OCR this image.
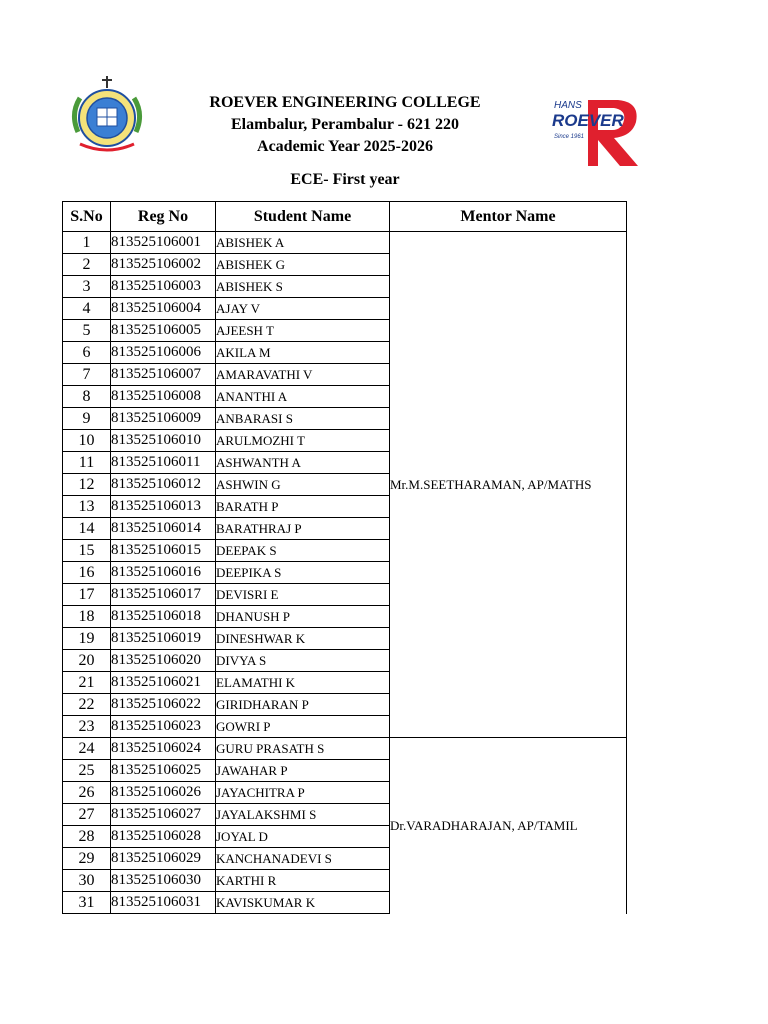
ROEVER ENGINEERING COLLEGE
Elambalur, Perambalur - 621 220
Academic Year 2025-2026
HANS
ROEVER
Since 1961
ECE- First year
S.No	Reg No	Student Name	Mentor Name
1	813525106001	ABISHEK A	Mr.M.SEETHARAMAN, AP/MATHS
2	813525106002	ABISHEK G	
3	813525106003	ABISHEK S	
4	813525106004	AJAY V	
5	813525106005	AJEESH T	
6	813525106006	AKILA M	
7	813525106007	AMARAVATHI V	
8	813525106008	ANANTHI A	
9	813525106009	ANBARASI S	
10	813525106010	ARULMOZHI T	
11	813525106011	ASHWANTH A	
12	813525106012	ASHWIN G	
13	813525106013	BARATH P	
14	813525106014	BARATHRAJ P	
15	813525106015	DEEPAK S	
16	813525106016	DEEPIKA S	
17	813525106017	DEVISRI E	
18	813525106018	DHANUSH P	
19	813525106019	DINESHWAR K	
20	813525106020	DIVYA S	
21	813525106021	ELAMATHI K	
22	813525106022	GIRIDHARAN P	
23	813525106023	GOWRI P	
24	813525106024	GURU PRASATH S	Dr.VARADHARAJAN, AP/TAMIL
25	813525106025	JAWAHAR P	
26	813525106026	JAYACHITRA P	
27	813525106027	JAYALAKSHMI S	
28	813525106028	JOYAL D	
29	813525106029	KANCHANADEVI S	
30	813525106030	KARTHI R	
31	813525106031	KAVISKUMAR K	
